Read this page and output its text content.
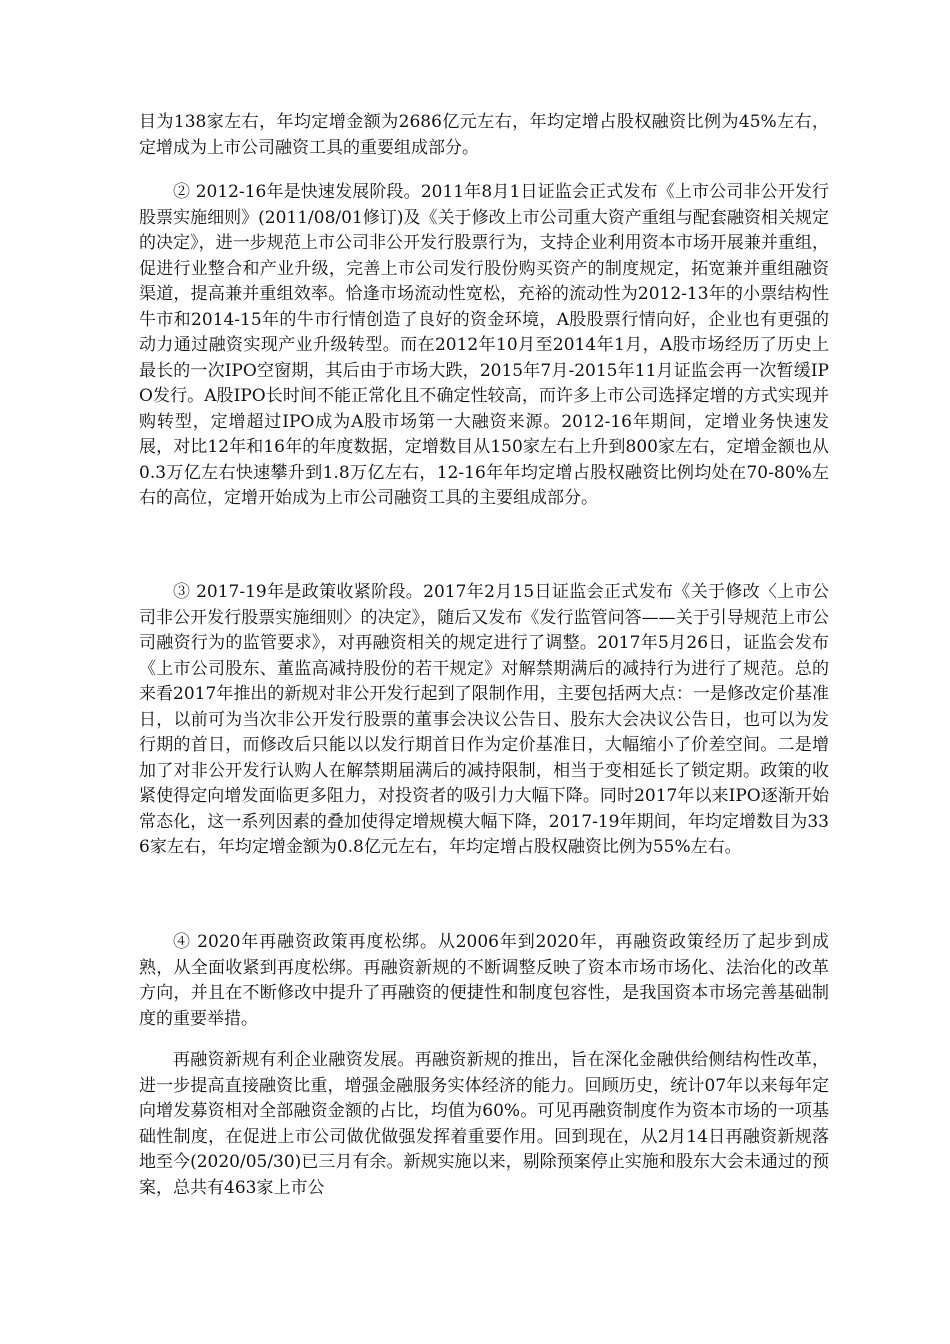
目为138家左右，年均定增金额为2686亿元左右，年均定增占股权融资比例为45%左右，定增成为上市公司融资工具的重要组成部分。

② 2012-16年是快速发展阶段。2011年8月1日证监会正式发布《上市公司非公开发行股票实施细则》(2011/08/01修订)及《关于修改上市公司重大资产重组与配套融资相关规定的决定》，进一步规范上市公司非公开发行股票行为，支持企业利用资本市场开展兼并重组，促进行业整合和产业升级，完善上市公司发行股份购买资产的制度规定，拓宽兼并重组融资渠道，提高兼并重组效率。恰逢市场流动性宽松，充裕的流动性为2012-13年的小票结构性牛市和2014-15年的牛市行情创造了良好的资金环境，A股股票行情向好，企业也有更强的动力通过融资实现产业升级转型。而在2012年10月至2014年1月，A股市场经历了历史上最长的一次IPO空窗期，其后由于市场大跌，2015年7月-2015年11月证监会再一次暂缓IPO发行。A股IPO长时间不能正常化且不确定性较高，而许多上市公司选择定增的方式实现并购转型，定增超过IPO成为A股市场第一大融资来源。2012-16年期间，定增业务快速发展，对比12年和16年的年度数据，定增数目从150家左右上升到800家左右，定增金额也从0.3万亿左右快速攀升到1.8万亿左右，12-16年年均定增占股权融资比例均处在70-80%左右的高位，定增开始成为上市公司融资工具的主要组成部分。

③ 2017-19年是政策收紧阶段。2017年2月15日证监会正式发布《关于修改〈上市公司非公开发行股票实施细则〉的决定》，随后又发布《发行监管问答——关于引导规范上市公司融资行为的监管要求》，对再融资相关的规定进行了调整。2017年5月26日，证监会发布《上市公司股东、董监高减持股份的若干规定》对解禁期满后的减持行为进行了规范。总的来看2017年推出的新规对非公开发行起到了限制作用，主要包括两大点：一是修改定价基准日，以前可为当次非公开发行股票的董事会决议公告日、股东大会决议公告日，也可以为发行期的首日，而修改后只能以以发行期首日作为定价基准日，大幅缩小了价差空间。二是增加了对非公开发行认购人在解禁期届满后的减持限制，相当于变相延长了锁定期。政策的收紧使得定向增发面临更多阻力，对投资者的吸引力大幅下降。同时2017年以来IPO逐渐开始常态化，这一系列因素的叠加使得定增规模大幅下降，2017-19年期间，年均定增数目为336家左右，年均定增金额为0.8亿元左右，年均定增占股权融资比例为55%左右。

④ 2020年再融资政策再度松绑。从2006年到2020年，再融资政策经历了起步到成熟，从全面收紧到再度松绑。再融资新规的不断调整反映了资本市场市场化、法治化的改革方向，并且在不断修改中提升了再融资的便捷性和制度包容性，是我国资本市场完善基础制度的重要举措。

再融资新规有利企业融资发展。再融资新规的推出，旨在深化金融供给侧结构性改革，进一步提高直接融资比重，增强金融服务实体经济的能力。回顾历史，统计07年以来每年定向增发募资相对全部融资金额的占比，均值为60%。可见再融资制度作为资本市场的一项基础性制度，在促进上市公司做优做强发挥着重要作用。回到现在，从2月14日再融资新规落地至今(2020/05/30)已三月有余。新规实施以来，剔除预案停止实施和股东大会未通过的预案，总共有463家上市公
